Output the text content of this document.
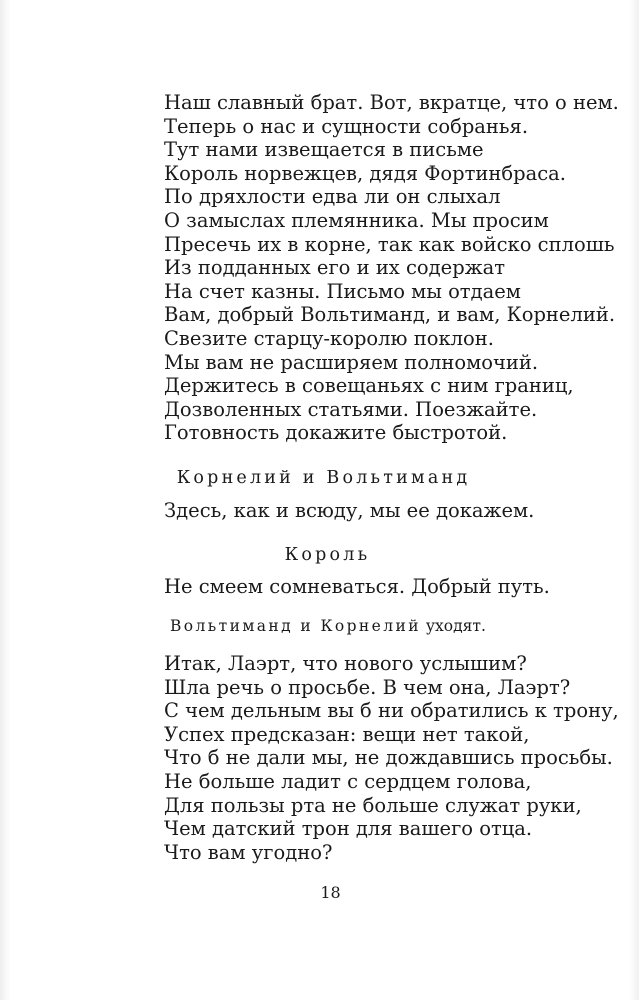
Наш славный брат. Вот, вкратце, что о нем.
Теперь о нас и сущности собранья.
Тут нами извещается в письме
Король норвежцев, дядя Фортинбраса.
По дряхлости едва ли он слыхал
О замыслах племянника. Мы просим
Пресечь их в корне, так как войско сплошь
Из подданных его и их содержат
На счет казны. Письмо мы отдаем
Вам, добрый Вольтиманд, и вам, Корнелий.
Свезите старцу-королю поклон.
Мы вам не расширяем полномочий.
Держитесь в совещаньях с ним границ,
Дозволенных статьями. Поезжайте.
Готовность докажите быстротой.
Корнелий и Вольтиманд
Здесь, как и всюду, мы ее докажем.
Король
Не смеем сомневаться. Добрый путь.
Вольтиманд и Корнелий уходят.
Итак, Лаэрт, что нового услышим?
Шла речь о просьбе. В чем она, Лаэрт?
С чем дельным вы б ни обратились к трону,
Успех предсказан: вещи нет такой,
Что б не дали мы, не дождавшись просьбы.
Не больше ладит с сердцем голова,
Для пользы рта не больше служат руки,
Чем датский трон для вашего отца.
Что вам угодно?
18
